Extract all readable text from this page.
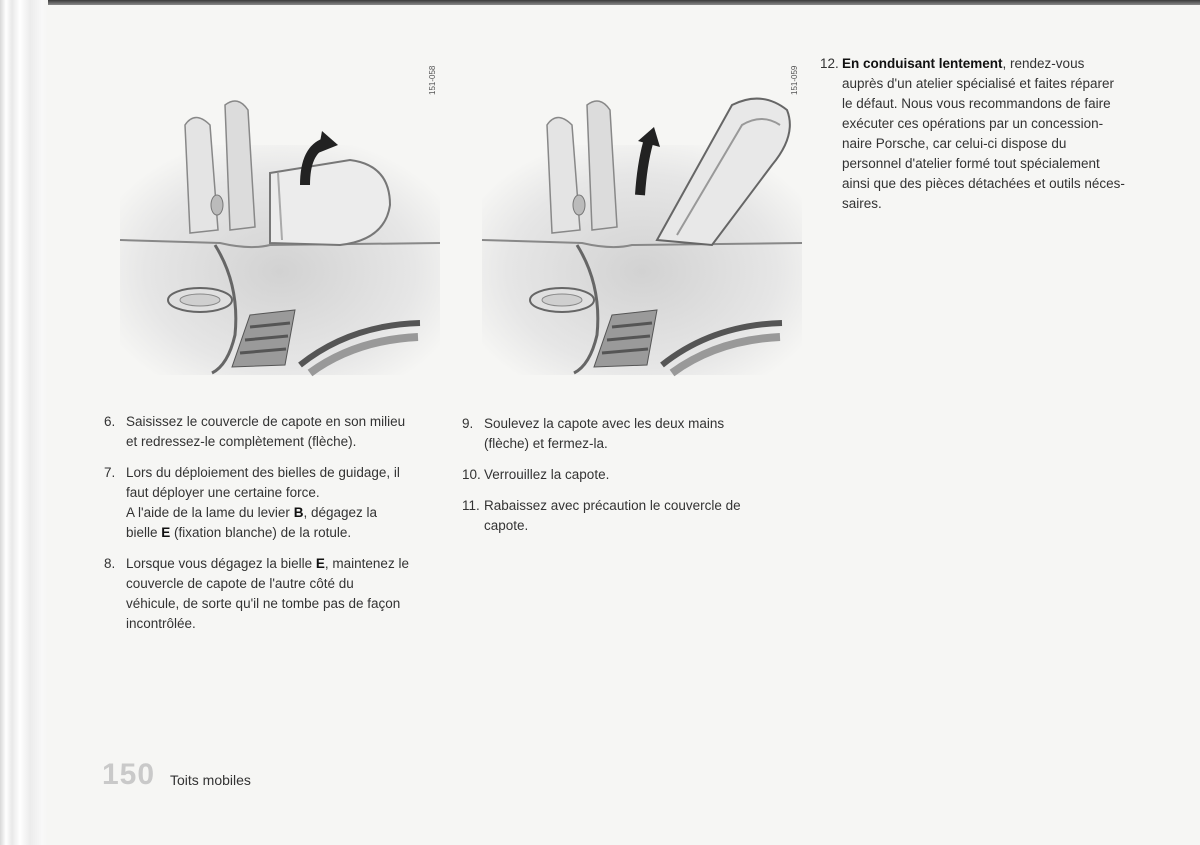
151-058	151-059
6. Saisissez le couvercle de capote en son milieu
et redressez-le complètement (flèche).
7. Lors du déploiement des bielles de guidage, il
faut déployer une certaine force.
A l'aide de la lame du levier B, dégagez la
bielle E (fixation blanche) de la rotule.
8. Lorsque vous dégagez la bielle E, maintenez le
couvercle de capote de l'autre côté du
véhicule, de sorte qu'il ne tombe pas de façon
incontrôlée.
9. Soulevez la capote avec les deux mains
(flèche) et fermez-la.
10. Verrouillez la capote.
11. Rabaissez avec précaution le couvercle de
capote.
12. En conduisant lentement, rendez-vous
auprès d'un atelier spécialisé et faites réparer
le défaut. Nous vous recommandons de faire
exécuter ces opérations par un concession-
naire Porsche, car celui-ci dispose du
personnel d'atelier formé tout spécialement
ainsi que des pièces détachées et outils néces-
saires.
150 Toits mobiles
